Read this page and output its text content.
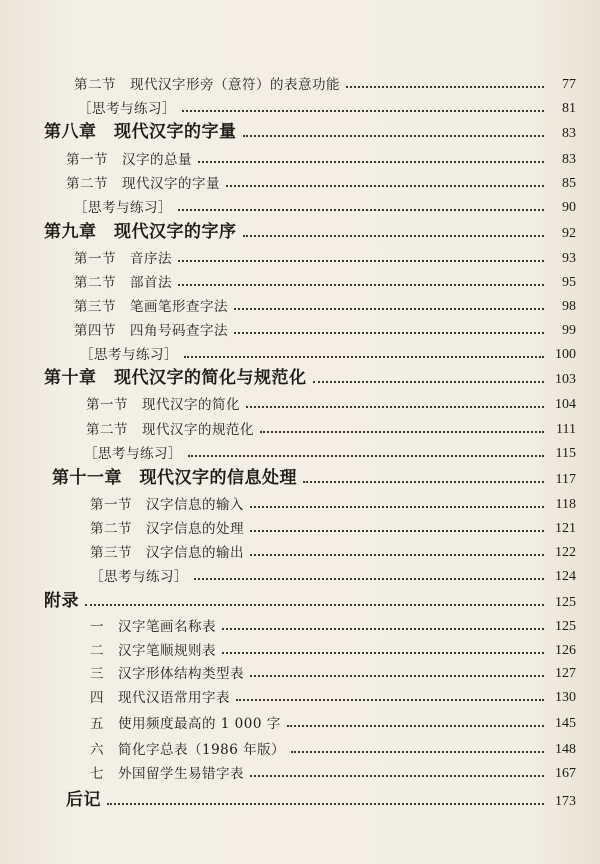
第二节　现代汉字形旁（意符）的表意功能	77
［思考与练习］	81
第八章　现代汉字的字量	83
第一节　汉字的总量	83
第二节　现代汉字的字量	85
［思考与练习］	90
第九章　现代汉字的字序	92
第一节　音序法	93
第二节　部首法	95
第三节　笔画笔形查字法	98
第四节　四角号码查字法	99
［思考与练习］	100
第十章　现代汉字的简化与规范化	103
第一节　现代汉字的简化	104
第二节　现代汉字的规范化	111
［思考与练习］	115
第十一章　现代汉字的信息处理	117
第一节　汉字信息的输入	118
第二节　汉字信息的处理	121
第三节　汉字信息的输出	122
［思考与练习］	124
附录	125
一　汉字笔画名称表	125
二　汉字笔顺规则表	126
三　汉字形体结构类型表	127
四　现代汉语常用字表	130
五　使用频度最高的 1 000 字	145
六　简化字总表（1986 年版）	148
七　外国留学生易错字表	167
后记	173
